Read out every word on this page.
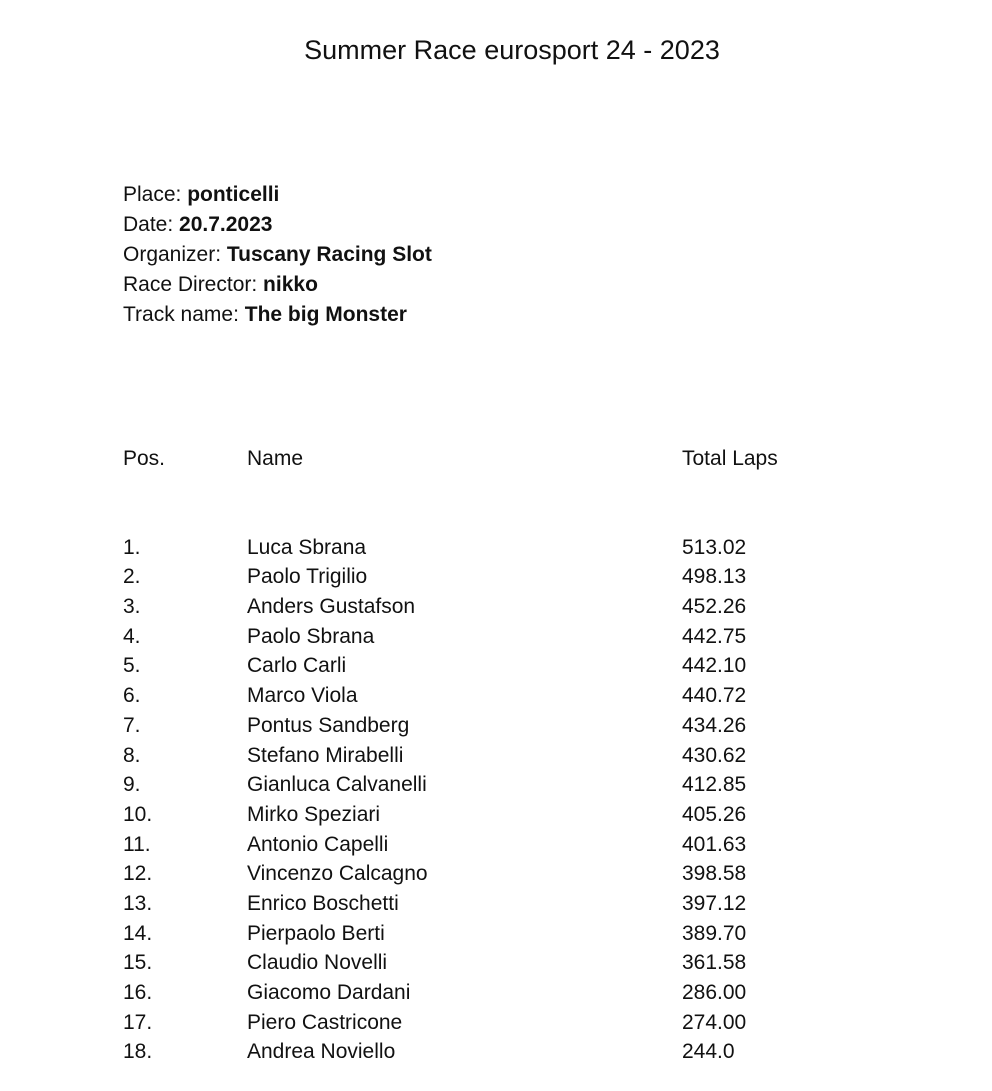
Summer Race eurosport 24 - 2023
Place: ponticelli
Date: 20.7.2023
Organizer: Tuscany Racing Slot
Race Director: nikko
Track name: The big Monster
Pos.	Name	Total Laps
1.	Luca Sbrana	513.02
2.	Paolo Trigilio	498.13
3.	Anders Gustafson	452.26
4.	Paolo Sbrana	442.75
5.	Carlo Carli	442.10
6.	Marco Viola	440.72
7.	Pontus Sandberg	434.26
8.	Stefano Mirabelli	430.62
9.	Gianluca Calvanelli	412.85
10.	Mirko Speziari	405.26
11.	Antonio Capelli	401.63
12.	Vincenzo Calcagno	398.58
13.	Enrico Boschetti	397.12
14.	Pierpaolo Berti	389.70
15.	Claudio Novelli	361.58
16.	Giacomo Dardani	286.00
17.	Piero Castricone	274.00
18.	Andrea Noviello	244.0
